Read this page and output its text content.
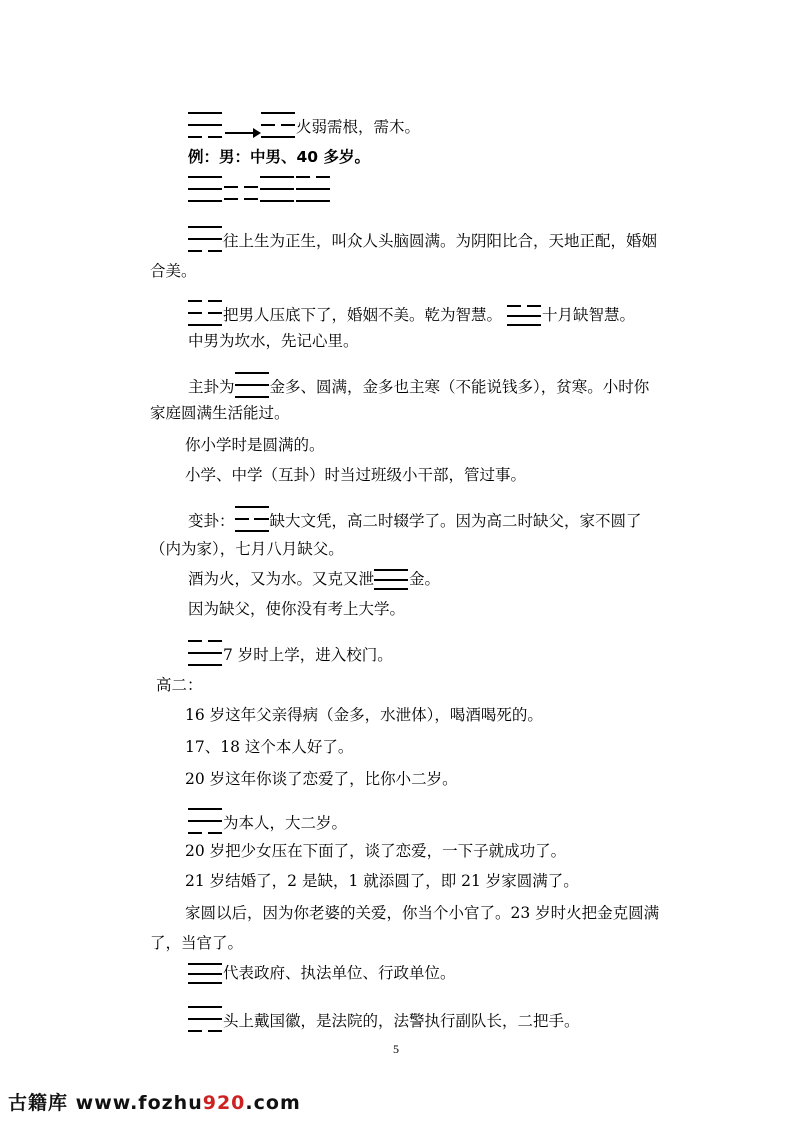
火弱需根，需木。
例：男：中男、40 多岁。
往上生为正生，叫众人头脑圆满。为阴阳比合，天地正配，婚姻
合美。
把男人压底下了，婚姻不美。乾为智慧。	十月缺智慧。
中男为坎水，先记心里。
主卦为 金多、圆满，金多也主寒（不能说钱多），贫寒。小时你
家庭圆满生活能过。
你小学时是圆满的。
小学、中学（互卦）时当过班级小干部，管过事。
变卦： 缺大文凭，高二时辍学了。因为高二时缺父，家不圆了
（内为家），七月八月缺父。
酒为火，又为水。又克又泄 金。
因为缺父，使你没有考上大学。
7 岁时上学，进入校门。
高二：
16 岁这年父亲得病（金多，水泄体），喝酒喝死的。
17、18 这个本人好了。
20 岁这年你谈了恋爱了，比你小二岁。
为本人，大二岁。
20 岁把少女压在下面了，谈了恋爱，一下子就成功了。
21 岁结婚了，2 是缺，1 就添圆了，即 21 岁家圆满了。
家圆以后，因为你老婆的关爱，你当个小官了。23 岁时火把金克圆满
了，当官了。
代表政府、执法单位、行政单位。
头上戴国徽，是法院的，法警执行副队长，二把手。
5
古籍库 www.fozhu920.com
